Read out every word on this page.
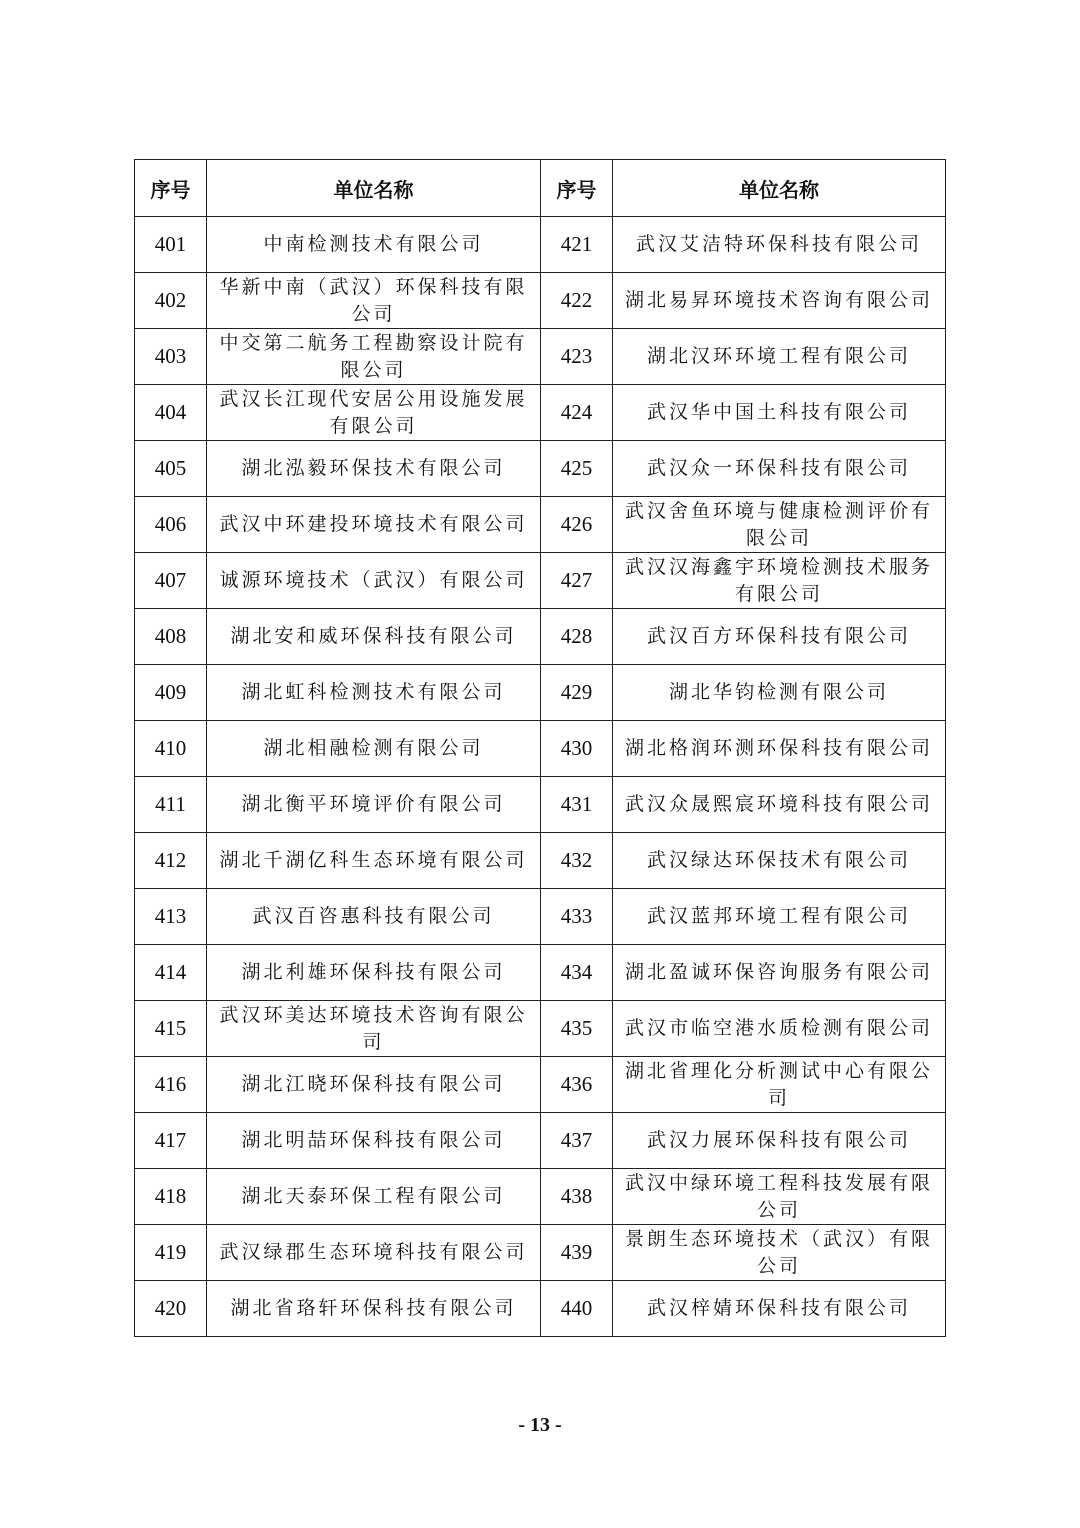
序号	单位名称	序号	单位名称
401	中南检测技术有限公司	421	武汉艾洁特环保科技有限公司
402	华新中南（武汉）环保科技有限公司	422	湖北易昇环境技术咨询有限公司
403	中交第二航务工程勘察设计院有限公司	423	湖北汉环环境工程有限公司
404	武汉长江现代安居公用设施发展有限公司	424	武汉华中国土科技有限公司
405	湖北泓毅环保技术有限公司	425	武汉众一环保科技有限公司
406	武汉中环建投环境技术有限公司	426	武汉舍鱼环境与健康检测评价有限公司
407	诚源环境技术（武汉）有限公司	427	武汉汉海鑫宇环境检测技术服务有限公司
408	湖北安和威环保科技有限公司	428	武汉百方环保科技有限公司
409	湖北虹科检测技术有限公司	429	湖北华钧检测有限公司
410	湖北相融检测有限公司	430	湖北格润环测环保科技有限公司
411	湖北衡平环境评价有限公司	431	武汉众晟熙宸环境科技有限公司
412	湖北千湖亿科生态环境有限公司	432	武汉绿达环保技术有限公司
413	武汉百咨惠科技有限公司	433	武汉蓝邦环境工程有限公司
414	湖北利雄环保科技有限公司	434	湖北盈诚环保咨询服务有限公司
415	武汉环美达环境技术咨询有限公司	435	武汉市临空港水质检测有限公司
416	湖北江晓环保科技有限公司	436	湖北省理化分析测试中心有限公司
417	湖北明喆环保科技有限公司	437	武汉力展环保科技有限公司
418	湖北天泰环保工程有限公司	438	武汉中绿环境工程科技发展有限公司
419	武汉绿郡生态环境科技有限公司	439	景朗生态环境技术（武汉）有限公司
420	湖北省珞轩环保科技有限公司	440	武汉梓婧环保科技有限公司
- 13 -
